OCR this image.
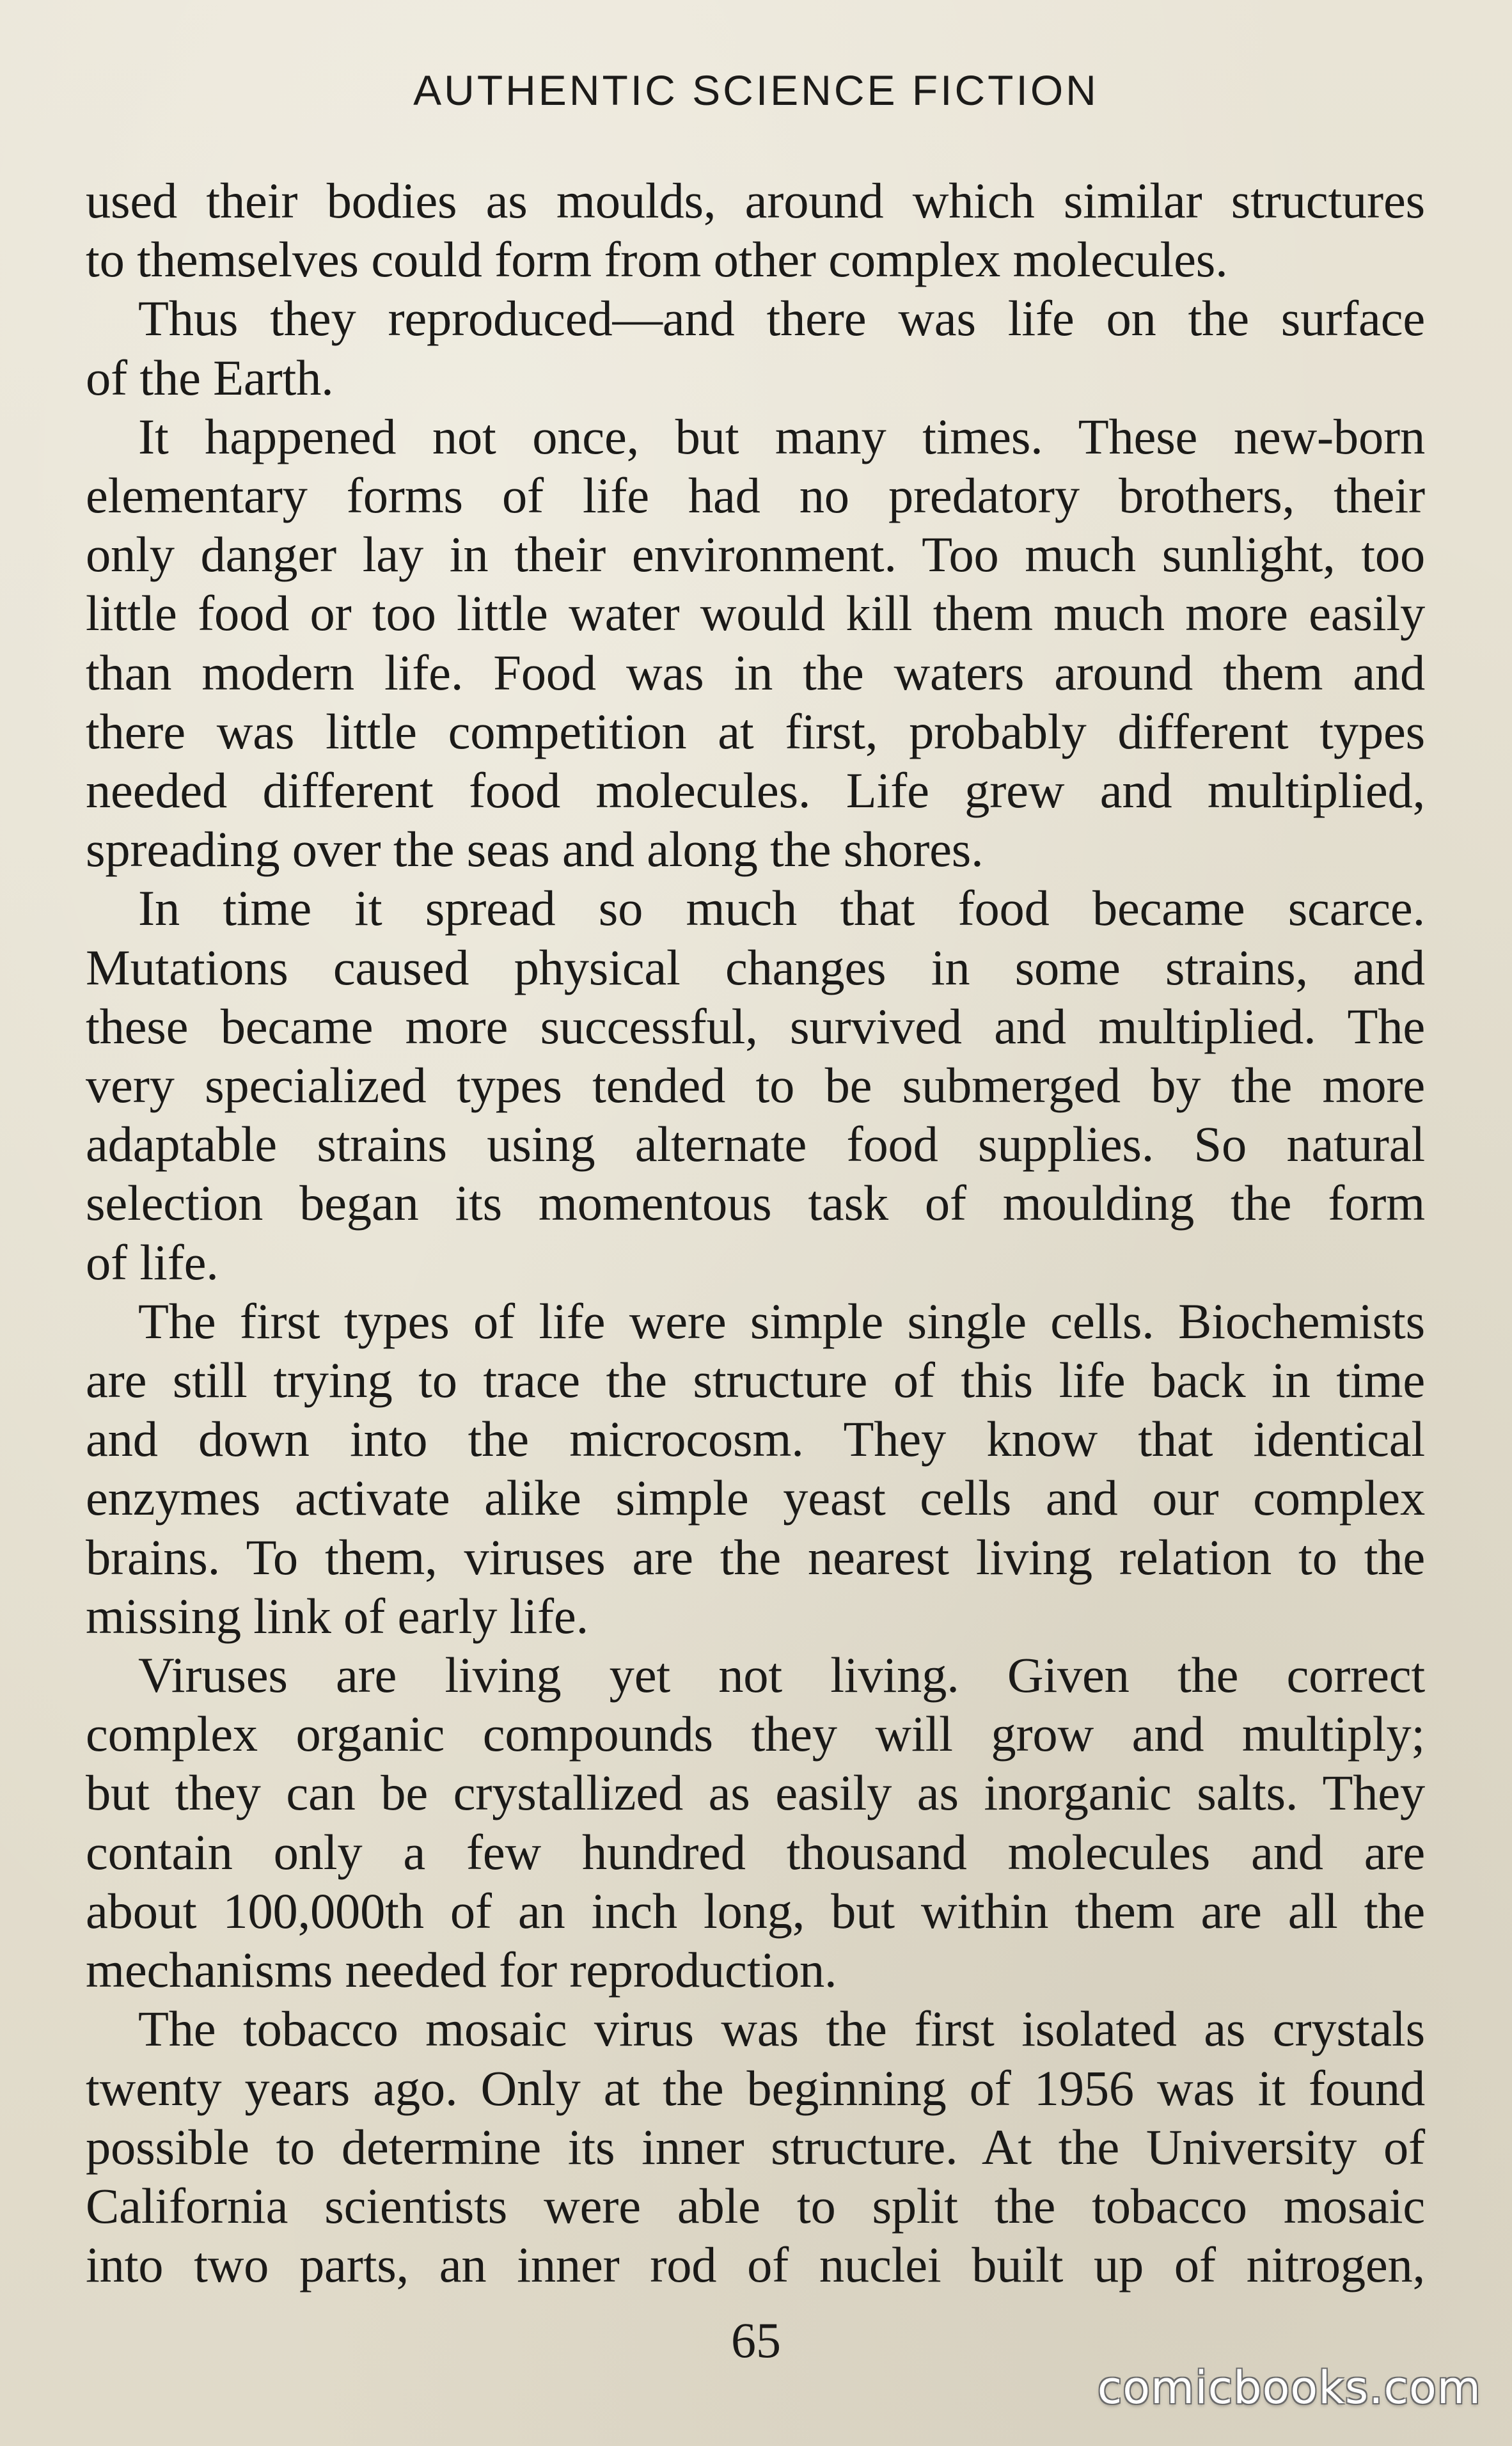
AUTHENTIC SCIENCE FICTION
used their bodies as moulds, around which similar structures
to themselves could form from other complex molecules.
Thus they reproduced—and there was life on the surface
of the Earth.
It happened not once, but many times. These new-born
elementary forms of life had no predatory brothers, their
only danger lay in their environment. Too much sunlight, too
little food or too little water would kill them much more easily
than modern life. Food was in the waters around them and
there was little competition at first, probably different types
needed different food molecules. Life grew and multiplied,
spreading over the seas and along the shores.
In time it spread so much that food became scarce.
Mutations caused physical changes in some strains, and
these became more successful, survived and multiplied. The
very specialized types tended to be submerged by the more
adaptable strains using alternate food supplies. So natural
selection began its momentous task of moulding the form
of life.
The first types of life were simple single cells. Biochemists
are still trying to trace the structure of this life back in time
and down into the microcosm. They know that identical
enzymes activate alike simple yeast cells and our complex
brains. To them, viruses are the nearest living relation to the
missing link of early life.
Viruses are living yet not living. Given the correct
complex organic compounds they will grow and multiply;
but they can be crystallized as easily as inorganic salts. They
contain only a few hundred thousand molecules and are
about 100,000th of an inch long, but within them are all the
mechanisms needed for reproduction.
The tobacco mosaic virus was the first isolated as crystals
twenty years ago. Only at the beginning of 1956 was it found
possible to determine its inner structure. At the University of
California scientists were able to split the tobacco mosaic
into two parts, an inner rod of nuclei built up of nitrogen,
65
comicbooks.com
